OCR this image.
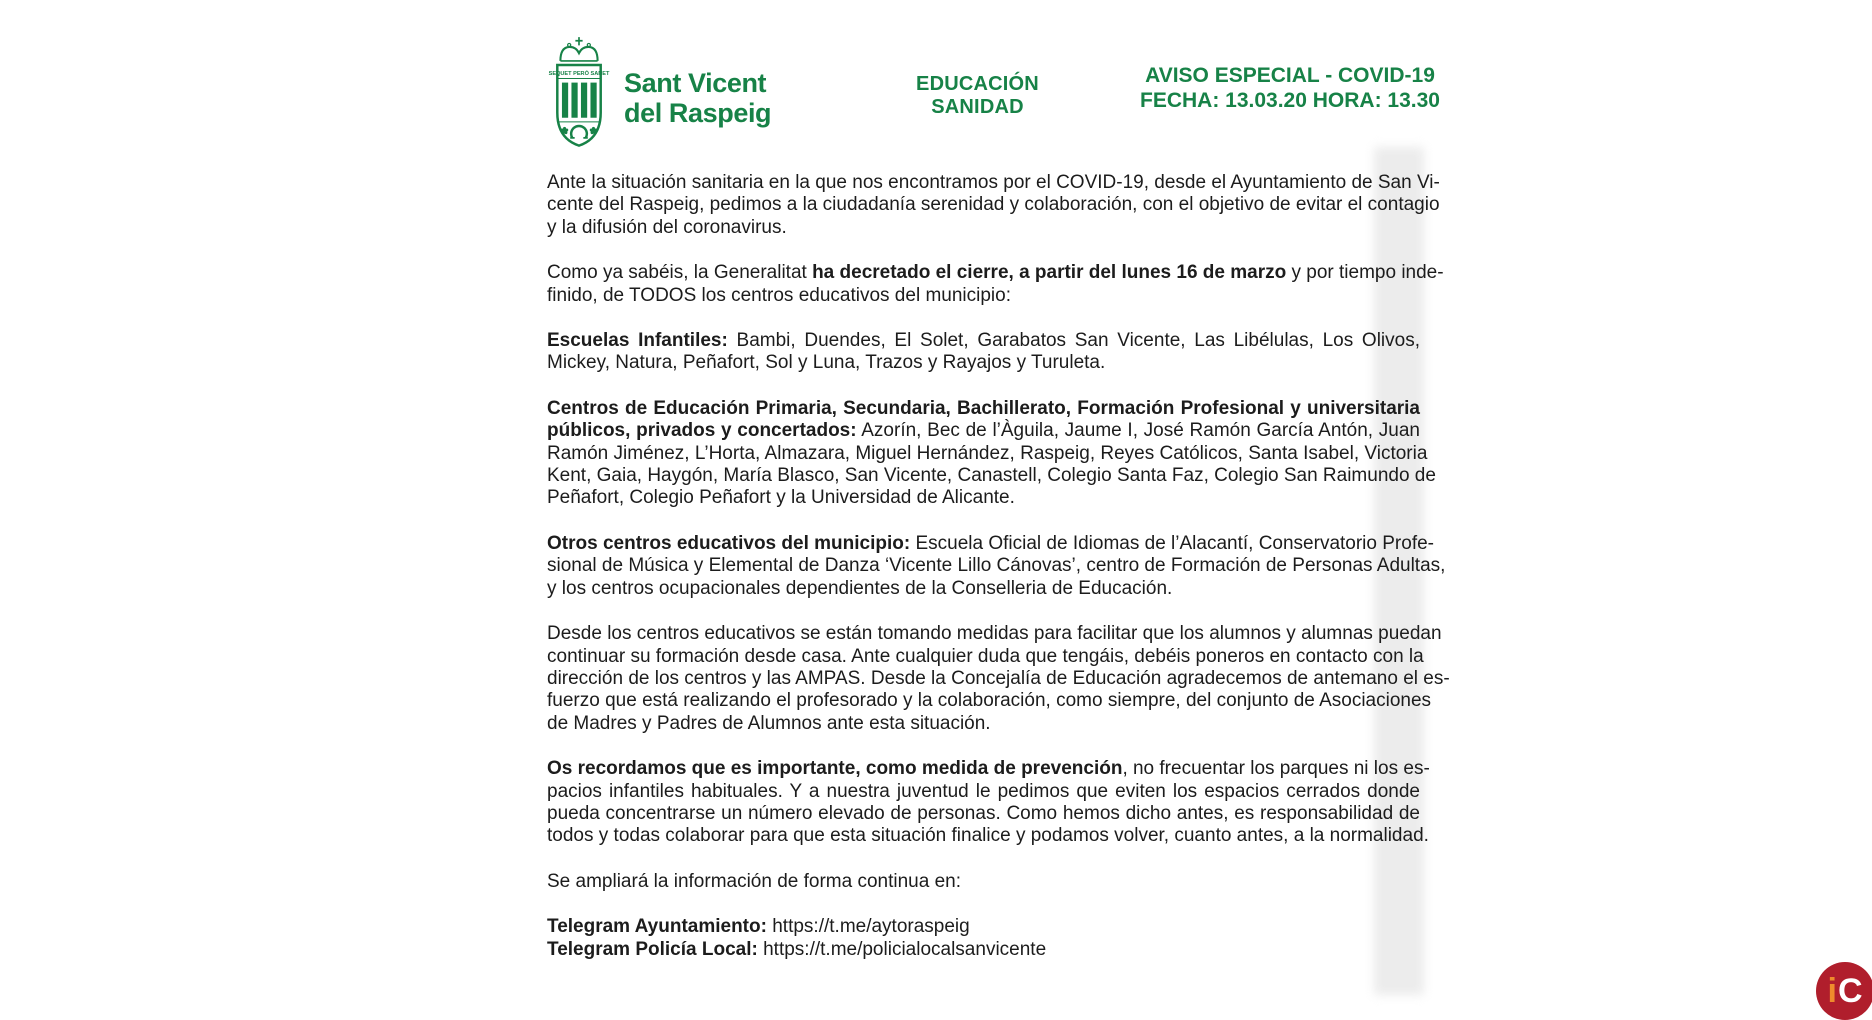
SEQUET PERÒ SANET Sant Vicent
del Raspeig
EDUCACIÓN
SANIDAD
AVISO ESPECIAL - COVID-19
FECHA: 13.03.20 HORA: 13.30
Ante la situación sanitaria en la que nos encontramos por el COVID-19, desde el Ayuntamiento de San Vi-
cente del Raspeig, pedimos a la ciudadanía serenidad y colaboración, con el objetivo de evitar el contagio
y la difusión del coronavirus.
Como ya sabéis, la Generalitat ha decretado el cierre, a partir del lunes 16 de marzo y por tiempo inde-
finido, de TODOS los centros educativos del municipio:
Escuelas Infantiles: Bambi, Duendes, El Solet, Garabatos San Vicente, Las Libélulas, Los Olivos,
Mickey, Natura, Peñafort, Sol y Luna, Trazos y Rayajos y Turuleta.
Centros de Educación Primaria, Secundaria, Bachillerato, Formación Profesional y universitaria
públicos, privados y concertados: Azorín, Bec de l’Àguila, Jaume I, José Ramón García Antón, Juan
Ramón Jiménez, L’Horta, Almazara, Miguel Hernández, Raspeig, Reyes Católicos, Santa Isabel, Victoria
Kent, Gaia, Haygón, María Blasco, San Vicente, Canastell, Colegio Santa Faz, Colegio San Raimundo de
Peñafort, Colegio Peñafort y la Universidad de Alicante.
Otros centros educativos del municipio: Escuela Oficial de Idiomas de l’Alacantí, Conservatorio Profe-
sional de Música y Elemental de Danza ‘Vicente Lillo Cánovas’, centro de Formación de Personas Adultas,
y los centros ocupacionales dependientes de la Conselleria de Educación.
Desde los centros educativos se están tomando medidas para facilitar que los alumnos y alumnas puedan
continuar su formación desde casa. Ante cualquier duda que tengáis, debéis poneros en contacto con la
dirección de los centros y las AMPAS. Desde la Concejalía de Educación agradecemos de antemano el es-
fuerzo que está realizando el profesorado y la colaboración, como siempre, del conjunto de Asociaciones
de Madres y Padres de Alumnos ante esta situación.
Os recordamos que es importante, como medida de prevención, no frecuentar los parques ni los es-
pacios infantiles habituales. Y a nuestra juventud le pedimos que eviten los espacios cerrados donde
pueda concentrarse un número elevado de personas. Como hemos dicho antes, es responsabilidad de
todos y todas colaborar para que esta situación finalice y podamos volver, cuanto antes, a la normalidad.
Se ampliará la información de forma continua en:
Telegram Ayuntamiento: https://t.me/aytoraspeig
Telegram Policía Local: https://t.me/policialocalsanvicente
i C
